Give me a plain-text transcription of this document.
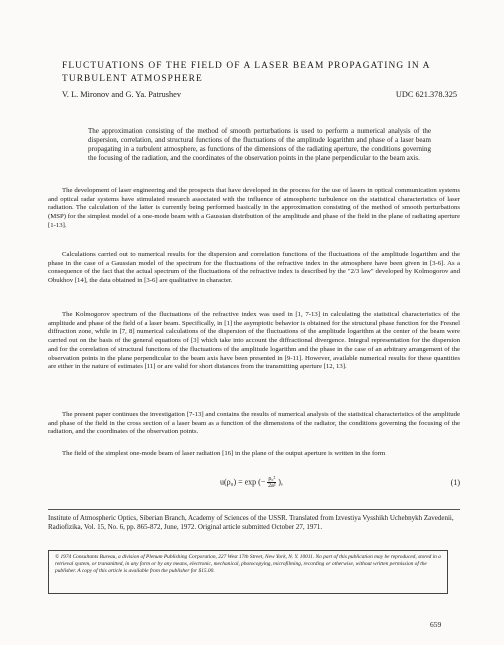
FLUCTUATIONS OF THE FIELD OF A LASER BEAM PROPAGATING IN A TURBULENT ATMOSPHERE
V. L. Mironov and G. Ya. Patrushev	UDC 621.378.325
The approximation consisting of the method of smooth perturbations is used to perform a numerical analysis of the dispersion, correlation, and structural functions of the fluctuations of the amplitude logarithm and phase of a laser beam propagating in a turbulent atmosphere, as functions of the dimensions of the radiating aperture, the conditions governing the focusing of the radiation, and the coordinates of the observation points in the plane perpendicular to the beam axis.
The development of laser engineering and the prospects that have developed in the process for the use of lasers in optical communication systems and optical radar systems have stimulated research associated with the influence of atmospheric turbulence on the statistical characteristics of laser radiation. The calculation of the latter is currently being performed basically in the approximation consisting of the method of smooth perturbations (MSP) for the simplest model of a one-mode beam with a Gaussian distribution of the amplitude and phase of the field in the plane of radiating aperture [1-13].
Calculations carried out to numerical results for the dispersion and correlation functions of the fluctuations of the amplitude logarithm and the phase in the case of a Gaussian model of the spectrum for the fluctuations of the refractive index in the atmosphere have been given in [3-6]. As a consequence of the fact that the actual spectrum of the fluctuations of the refractive index is described by the "2/3 law" developed by Kolmogorov and Obukhov [14], the data obtained in [3-6] are qualitative in character.
The Kolmogorov spectrum of the fluctuations of the refractive index was used in [1, 7-13] in calculating the statistical characteristics of the amplitude and phase of the field of a laser beam. Specifically, in [1] the asymptotic behavior is obtained for the structural phase function for the Fresnel diffraction zone, while in [7, 8] numerical calculations of the dispersion of the fluctuations of the amplitude logarithm at the center of the beam were carried out on the basis of the general equations of [3] which take into account the diffractional divergence. Integral representation for the dispersion and for the correlation of structural functions of the fluctuations of the amplitude logarithm and the phase in the case of an arbitrary arrangement of the observation points in the plane perpendicular to the beam axis have been presented in [9-11]. However, available numerical results for these quantities are either in the nature of estimates [11] or are valid for short distances from the transmitting aperture [12, 13].
The present paper continues the investigation [7-13] and contains the results of numerical analysis of the statistical characteristics of the amplitude and phase of the field in the cross section of a laser beam as a function of the dimensions of the radiator, the conditions governing the focusing of the radiation, and the coordinates of the observation points.
The field of the simplest one-mode beam of laser radiation [16] in the plane of the output aperture is written in the form
u(ρ₀) = exp (− $\frac{\text{ρ₀²}}{\text{2a²}}$ ),	(1)
Institute of Atmospheric Optics, Siberian Branch, Academy of Sciences of the USSR. Translated from Izvestiya Vysshikh Uchebnykh Zavedenii, Radiofizika, Vol. 15, No. 6, pp. 865-872, June, 1972. Original article submitted October 27, 1971.
© 1974 Consultants Bureau, a division of Plenum Publishing Corporation, 227 West 17th Street, New York, N. Y. 10011. No part of this publication may be reproduced, stored in a retrieval system, or transmitted, in any form or by any means, electronic, mechanical, photocopying, microfilming, recording or otherwise, without written permission of the publisher. A copy of this article is available from the publisher for $15.00.
659
